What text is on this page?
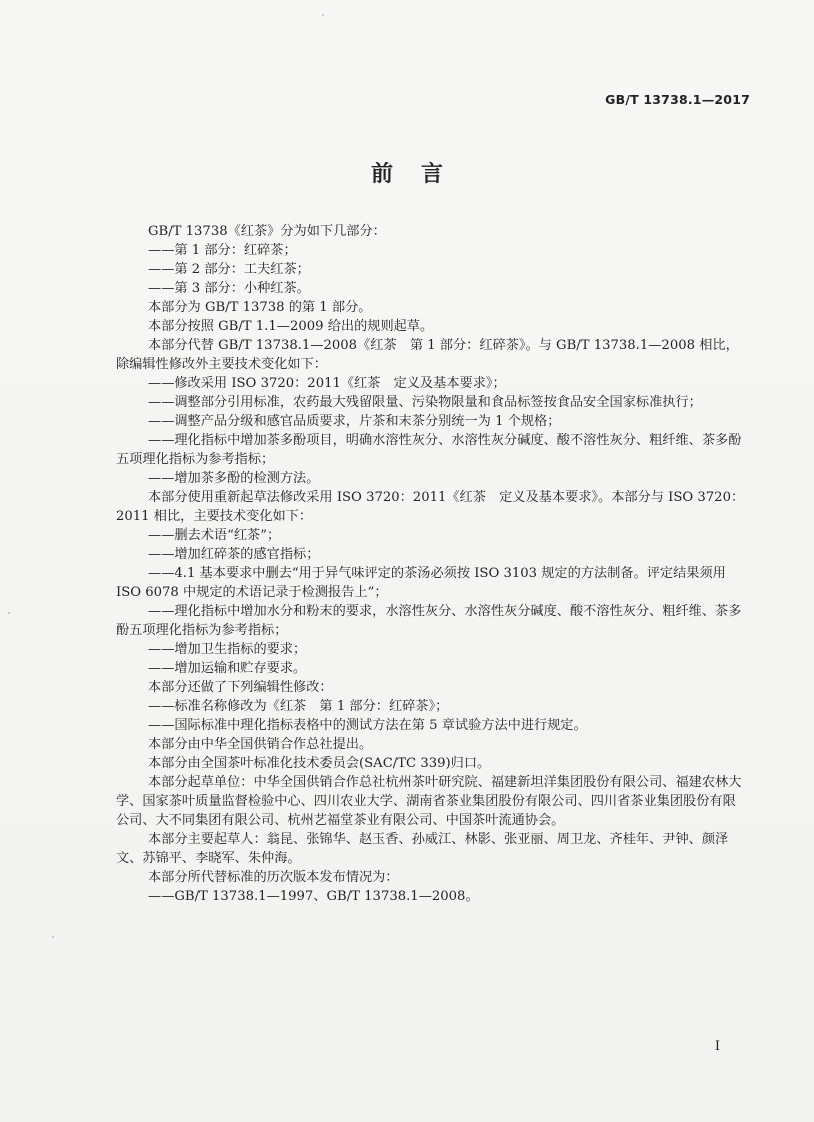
GB/T 13738.1—2017
前言

GB/T 13738《红茶》分为如下几部分：

——第 1 部分：红碎茶；

——第 2 部分：工夫红茶；

——第 3 部分：小种红茶。

本部分为 GB/T 13738 的第 1 部分。

本部分按照 GB/T 1.1—2009 给出的规则起草。

本部分代替 GB/T 13738.1—2008《红茶　第 1 部分：红碎茶》。与 GB/T 13738.1—2008 相比，除编辑性修改外主要技术变化如下：

——修改采用 ISO 3720：2011《红茶　定义及基本要求》；

——调整部分引用标准，农药最大残留限量、污染物限量和食品标签按食品安全国家标准执行；

——调整产品分级和感官品质要求，片茶和末茶分别统一为 1 个规格；

——理化指标中增加茶多酚项目，明确水溶性灰分、水溶性灰分碱度、酸不溶性灰分、粗纤维、茶多酚五项理化指标为参考指标；

——增加茶多酚的检测方法。

本部分使用重新起草法修改采用 ISO 3720：2011《红茶　定义及基本要求》。本部分与 ISO 3720：2011 相比，主要技术变化如下：

——删去术语“红茶”；

——增加红碎茶的感官指标；

——4.1 基本要求中删去“用于异气味评定的茶汤必须按 ISO 3103 规定的方法制备。评定结果须用 ISO 6078 中规定的术语记录于检测报告上”；

——理化指标中增加水分和粉末的要求，水溶性灰分、水溶性灰分碱度、酸不溶性灰分、粗纤维、茶多酚五项理化指标为参考指标；

——增加卫生指标的要求；

——增加运输和贮存要求。

本部分还做了下列编辑性修改：

——标准名称修改为《红茶　第 1 部分：红碎茶》；

——国际标准中理化指标表格中的测试方法在第 5 章试验方法中进行规定。

本部分由中华全国供销合作总社提出。

本部分由全国茶叶标准化技术委员会(SAC/TC 339)归口。

本部分起草单位：中华全国供销合作总社杭州茶叶研究院、福建新坦洋集团股份有限公司、福建农林大学、国家茶叶质量监督检验中心、四川农业大学、湖南省茶业集团股份有限公司、四川省茶业集团股份有限公司、大不同集团有限公司、杭州艺福堂茶业有限公司、中国茶叶流通协会。

本部分主要起草人：翁昆、张锦华、赵玉香、孙威江、林影、张亚丽、周卫龙、齐桂年、尹钟、颜泽文、苏锦平、李晓军、朱仲海。

本部分所代替标准的历次版本发布情况为：

——GB/T 13738.1—1997、GB/T 13738.1—2008。

I
